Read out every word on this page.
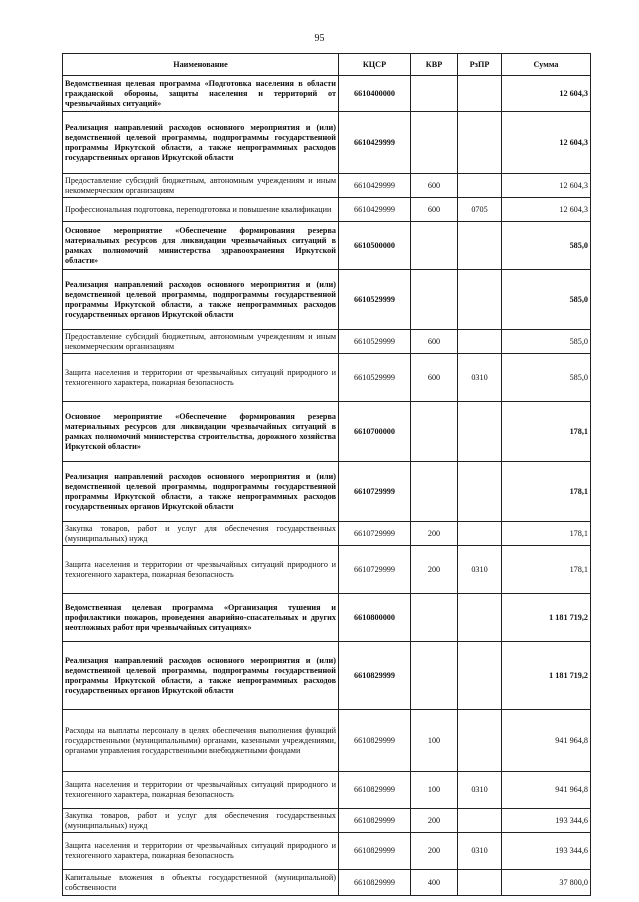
95
Наименование	КЦСР	КВР	РзПР	Сумма
Ведомственная целевая программа «Подготовка населения в области гражданской обороны, защиты населения и территорий от чрезвычайных ситуаций»	6610400000			12 604,3
Реализация направлений расходов основного мероприятия и (или) ведомственной целевой программы, подпрограммы государственной программы Иркутской области, а также непрограммных расходов государственных органов Иркутской области	6610429999			12 604,3
Предоставление субсидий бюджетным, автономным учреждениям и иным некоммерческим организациям	6610429999	600		12 604,3
Профессиональная подготовка, переподготовка и повышение квалификации	6610429999	600	0705	12 604,3
Основное мероприятие «Обеспечение формирования резерва материальных ресурсов для ликвидации чрезвычайных ситуаций в рамках полномочий министерства здравоохранения Иркутской области»	6610500000			585,0
Реализация направлений расходов основного мероприятия и (или) ведомственной целевой программы, подпрограммы государственной программы Иркутской области, а также непрограммных расходов государственных органов Иркутской области	6610529999			585,0
Предоставление субсидий бюджетным, автономным учреждениям и иным некоммерческим организациям	6610529999	600		585,0
Защита населения и территории от чрезвычайных ситуаций природного и техногенного характера, пожарная безопасность	6610529999	600	0310	585,0
Основное мероприятие «Обеспечение формирования резерва материальных ресурсов для ликвидации чрезвычайных ситуаций в рамках полномочий министерства строительства, дорожного хозяйства Иркутской области»	6610700000			178,1
Реализация направлений расходов основного мероприятия и (или) ведомственной целевой программы, подпрограммы государственной программы Иркутской области, а также непрограммных расходов государственных органов Иркутской области	6610729999			178,1
Закупка товаров, работ и услуг для обеспечения государственных (муниципальных) нужд	6610729999	200		178,1
Защита населения и территории от чрезвычайных ситуаций природного и техногенного характера, пожарная безопасность	6610729999	200	0310	178,1
Ведомственная целевая программа «Организация тушения и профилактики пожаров, проведения аварийно-спасательных и других неотложных работ при чрезвычайных ситуациях»	6610800000			1 181 719,2
Реализация направлений расходов основного мероприятия и (или) ведомственной целевой программы, подпрограммы государственной программы Иркутской области, а также непрограммных расходов государственных органов Иркутской области	6610829999			1 181 719,2
Расходы на выплаты персоналу в целях обеспечения выполнения функций государственными (муниципальными) органами, казенными учреждениями, органами управления государственными внебюджетными фондами	6610829999	100		941 964,8
Защита населения и территории от чрезвычайных ситуаций природного и техногенного характера, пожарная безопасность	6610829999	100	0310	941 964,8
Закупка товаров, работ и услуг для обеспечения государственных (муниципальных) нужд	6610829999	200		193 344,6
Защита населения и территории от чрезвычайных ситуаций природного и техногенного характера, пожарная безопасность	6610829999	200	0310	193 344,6
Капитальные вложения в объекты государственной (муниципальной) собственности	6610829999	400		37 800,0
